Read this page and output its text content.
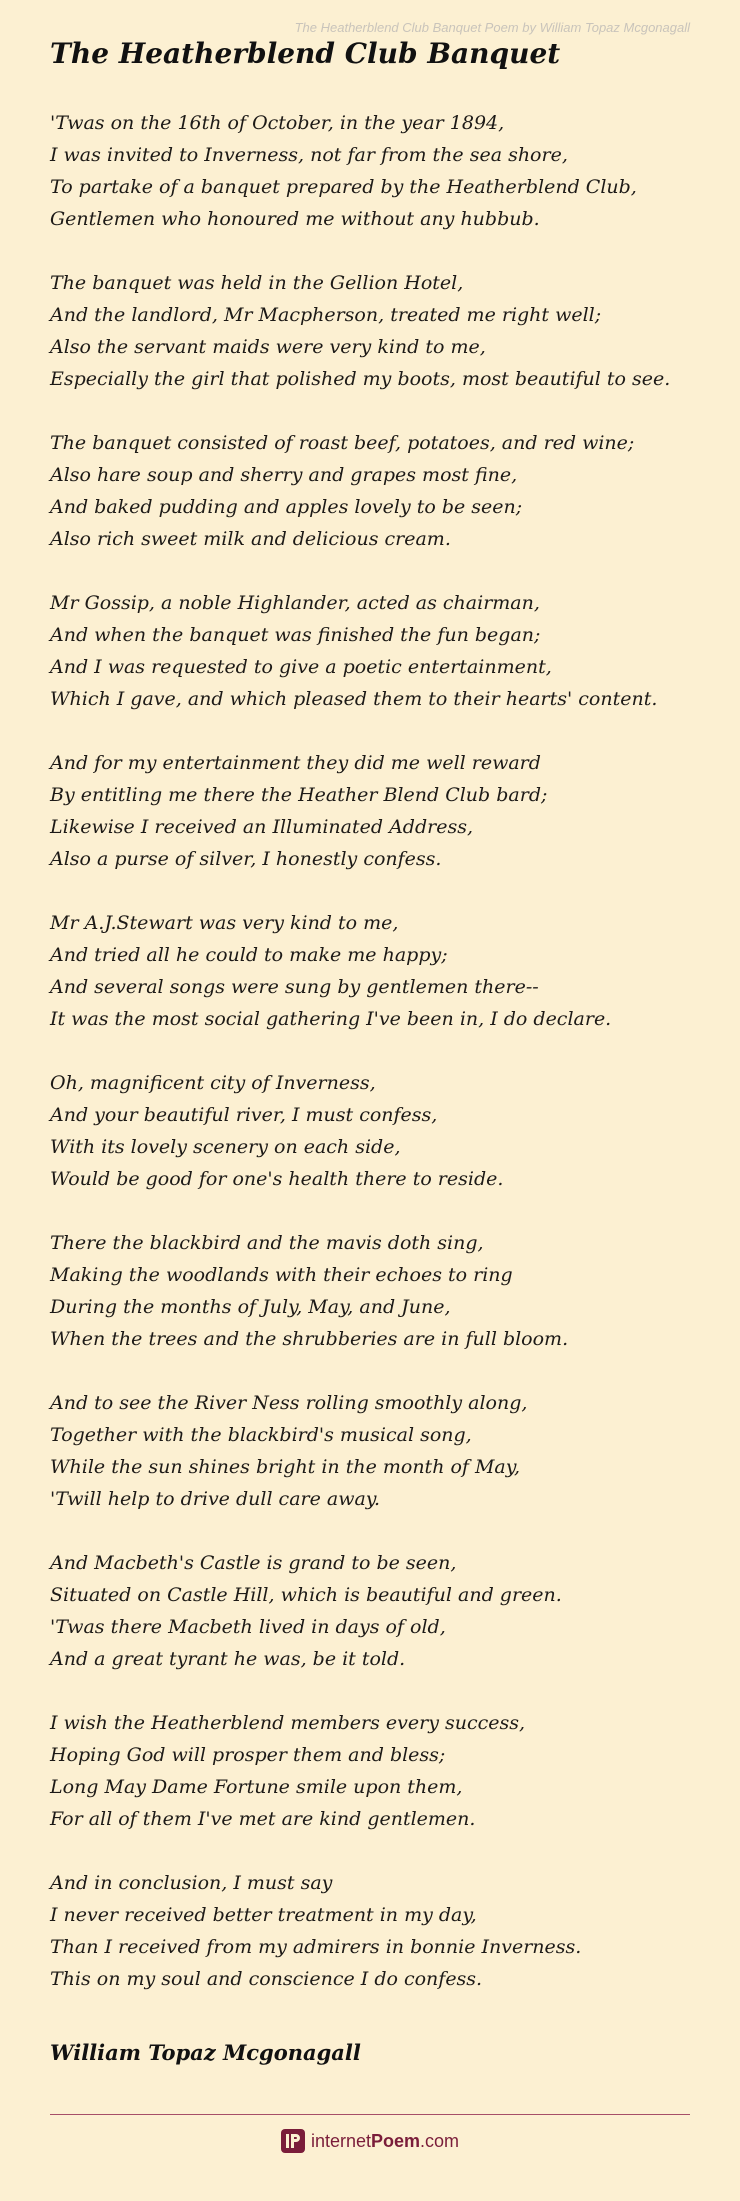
The Heatherblend Club Banquet Poem by William Topaz Mcgonagall
The Heatherblend Club Banquet

'Twas on the 16th of October, in the year 1894,
I was invited to Inverness, not far from the sea shore,
To partake of a banquet prepared by the Heatherblend Club,
Gentlemen who honoured me without any hubbub.

The banquet was held in the Gellion Hotel,
And the landlord, Mr Macpherson, treated me right well;
Also the servant maids were very kind to me,
Especially the girl that polished my boots, most beautiful to see.

The banquet consisted of roast beef, potatoes, and red wine;
Also hare soup and sherry and grapes most fine,
And baked pudding and apples lovely to be seen;
Also rich sweet milk and delicious cream.

Mr Gossip, a noble Highlander, acted as chairman,
And when the banquet was finished the fun began;
And I was requested to give a poetic entertainment,
Which I gave, and which pleased them to their hearts' content.

And for my entertainment they did me well reward
By entitling me there the Heather Blend Club bard;
Likewise I received an Illuminated Address,
Also a purse of silver, I honestly confess.

Mr A.J.Stewart was very kind to me,
And tried all he could to make me happy;
And several songs were sung by gentlemen there--
It was the most social gathering I've been in, I do declare.

Oh, magnificent city of Inverness,
And your beautiful river, I must confess,
With its lovely scenery on each side,
Would be good for one's health there to reside.

There the blackbird and the mavis doth sing,
Making the woodlands with their echoes to ring
During the months of July, May, and June,
When the trees and the shrubberies are in full bloom.

And to see the River Ness rolling smoothly along,
Together with the blackbird's musical song,
While the sun shines bright in the month of May,
'Twill help to drive dull care away.

And Macbeth's Castle is grand to be seen,
Situated on Castle Hill, which is beautiful and green.
'Twas there Macbeth lived in days of old,
And a great tyrant he was, be it told.

I wish the Heatherblend members every success,
Hoping God will prosper them and bless;
Long May Dame Fortune smile upon them,
For all of them I've met are kind gentlemen.

And in conclusion, I must say
I never received better treatment in my day,
Than I received from my admirers in bonnie Inverness.
This on my soul and conscience I do confess.

William Topaz Mcgonagall
internetPoem.com
